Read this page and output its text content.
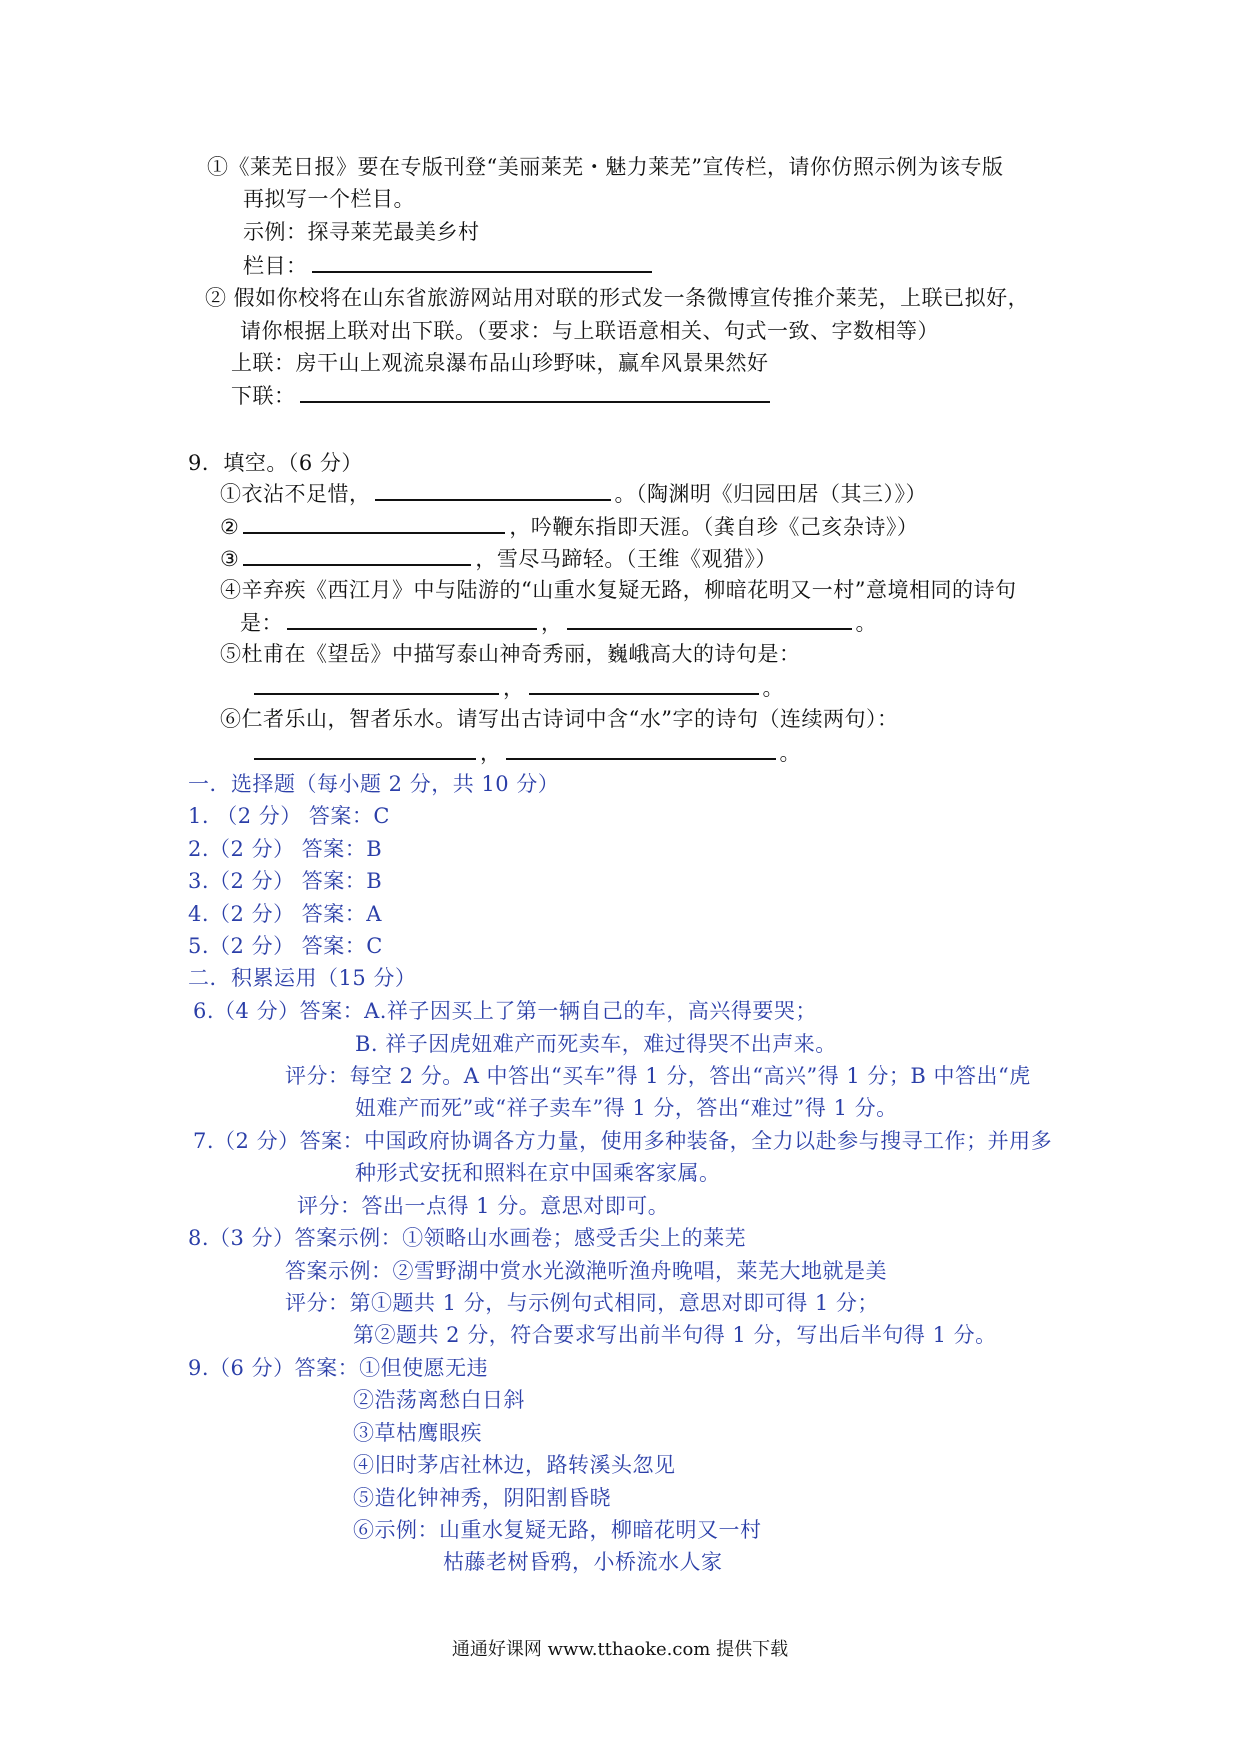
①《莱芜日报》要在专版刊登“美丽莱芜・魅力莱芜”宣传栏，请你仿照示例为该专版
再拟写一个栏目。
示例：探寻莱芜最美乡村
栏目：
② 假如你校将在山东省旅游网站用对联的形式发一条微博宣传推介莱芜，上联已拟好，
请你根据上联对出下联。（要求：与上联语意相关、句式一致、字数相等）
上联：房干山上观流泉瀑布品山珍野味，赢牟风景果然好
下联：
9．填空。（6 分）
①衣沾不足惜，	。（陶渊明《归园田居（其三）》）
②	，吟鞭东指即天涯。（龚自珍《己亥杂诗》）
③	，雪尽马蹄轻。（王维《观猎》）
④辛弃疾《西江月》中与陆游的“山重水复疑无路，柳暗花明又一村”意境相同的诗句
是：	，	。
⑤杜甫在《望岳》中描写泰山神奇秀丽，巍峨高大的诗句是：
，	。
⑥仁者乐山，智者乐水。请写出古诗词中含“水”字的诗句（连续两句）：
，	。
一．选择题（每小题 2 分，共 10 分）
1. （2 分） 答案：C
2.（2 分） 答案：B
3.（2 分） 答案：B
4.（2 分） 答案：A
5.（2 分） 答案：C
二．积累运用（15 分）
6.（4 分）答案：A.祥子因买上了第一辆自己的车，高兴得要哭；
B. 祥子因虎妞难产而死卖车，难过得哭不出声来。
评分：每空 2 分。A 中答出“买车”得 1 分，答出“高兴”得 1 分；B 中答出“虎
妞难产而死”或“祥子卖车”得 1 分，答出“难过”得 1 分。
7.（2 分）答案：中国政府协调各方力量，使用多种装备，全力以赴参与搜寻工作；并用多
种形式安抚和照料在京中国乘客家属。
评分：答出一点得 1 分。意思对即可。
8.（3 分）答案示例：①领略山水画卷；感受舌尖上的莱芜
答案示例：②雪野湖中赏水光潋滟听渔舟晚唱，莱芜大地就是美
评分：第①题共 1 分，与示例句式相同，意思对即可得 1 分；
第②题共 2 分，符合要求写出前半句得 1 分，写出后半句得 1 分。
9.（6 分）答案：①但使愿无违
②浩荡离愁白日斜
③草枯鹰眼疾
④旧时茅店社林边，路转溪头忽见
⑤造化钟神秀，阴阳割昏晓
⑥示例：山重水复疑无路，柳暗花明又一村
枯藤老树昏鸦，小桥流水人家
通通好课网 www.tthaoke.com 提供下载
